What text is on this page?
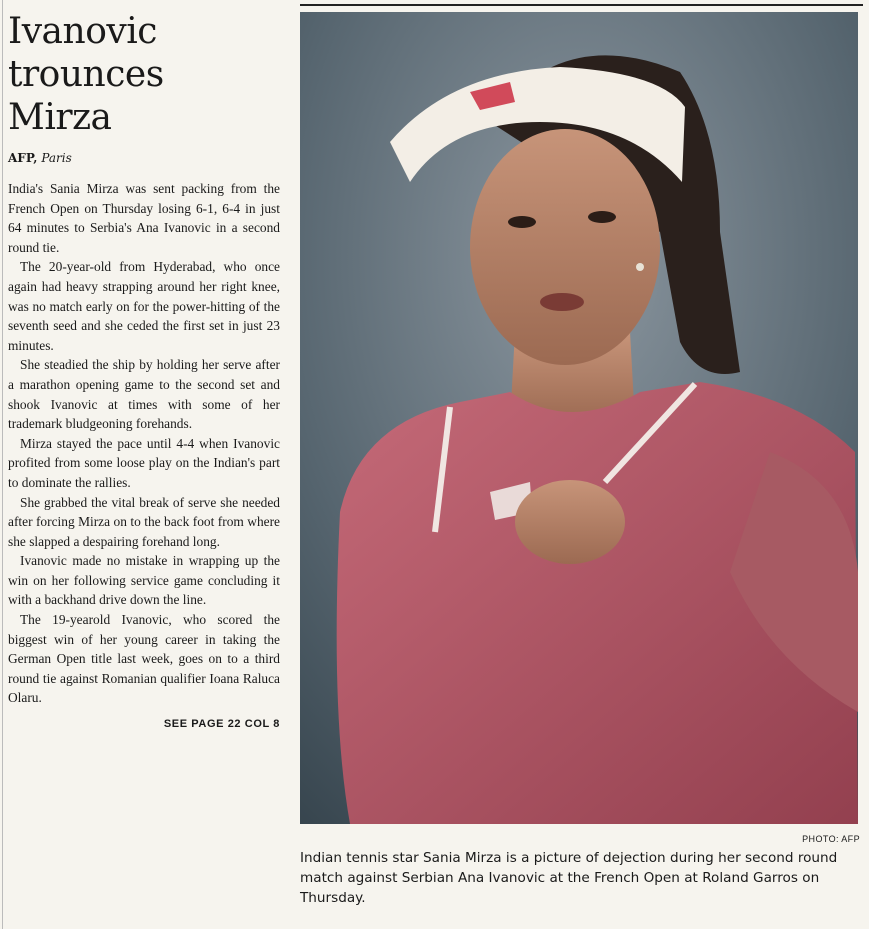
Ivanovic
trounces
Mirza
AFP, Paris

India's Sania Mirza was sent packing from the French Open on Thursday losing 6-1, 6-4 in just 64 minutes to Serbia's Ana Ivanovic in a second round tie.

The 20-year-old from Hyderabad, who once again had heavy strapping around her right knee, was no match early on for the power-hitting of the seventh seed and she ceded the first set in just 23 minutes.

She steadied the ship by holding her serve after a marathon opening game to the second set and shook Ivanovic at times with some of her trademark bludgeoning forehands.

Mirza stayed the pace until 4-4 when Ivanovic profited from some loose play on the Indian's part to dominate the rallies.

She grabbed the vital break of serve she needed after forcing Mirza on to the back foot from where she slapped a despairing forehand long.

Ivanovic made no mistake in wrapping up the win on her following service game concluding it with a backhand drive down the line.

The 19-yearold Ivanovic, who scored the biggest win of her young career in taking the German Open title last week, goes on to a third round tie against Romanian qualifier Ioana Raluca Olaru.

SEE PAGE 22 COL 8
PHOTO: AFP
Indian tennis star Sania Mirza is a picture of dejection during her second round match against Serbian Ana Ivanovic at the French Open at Roland Garros on Thursday.
